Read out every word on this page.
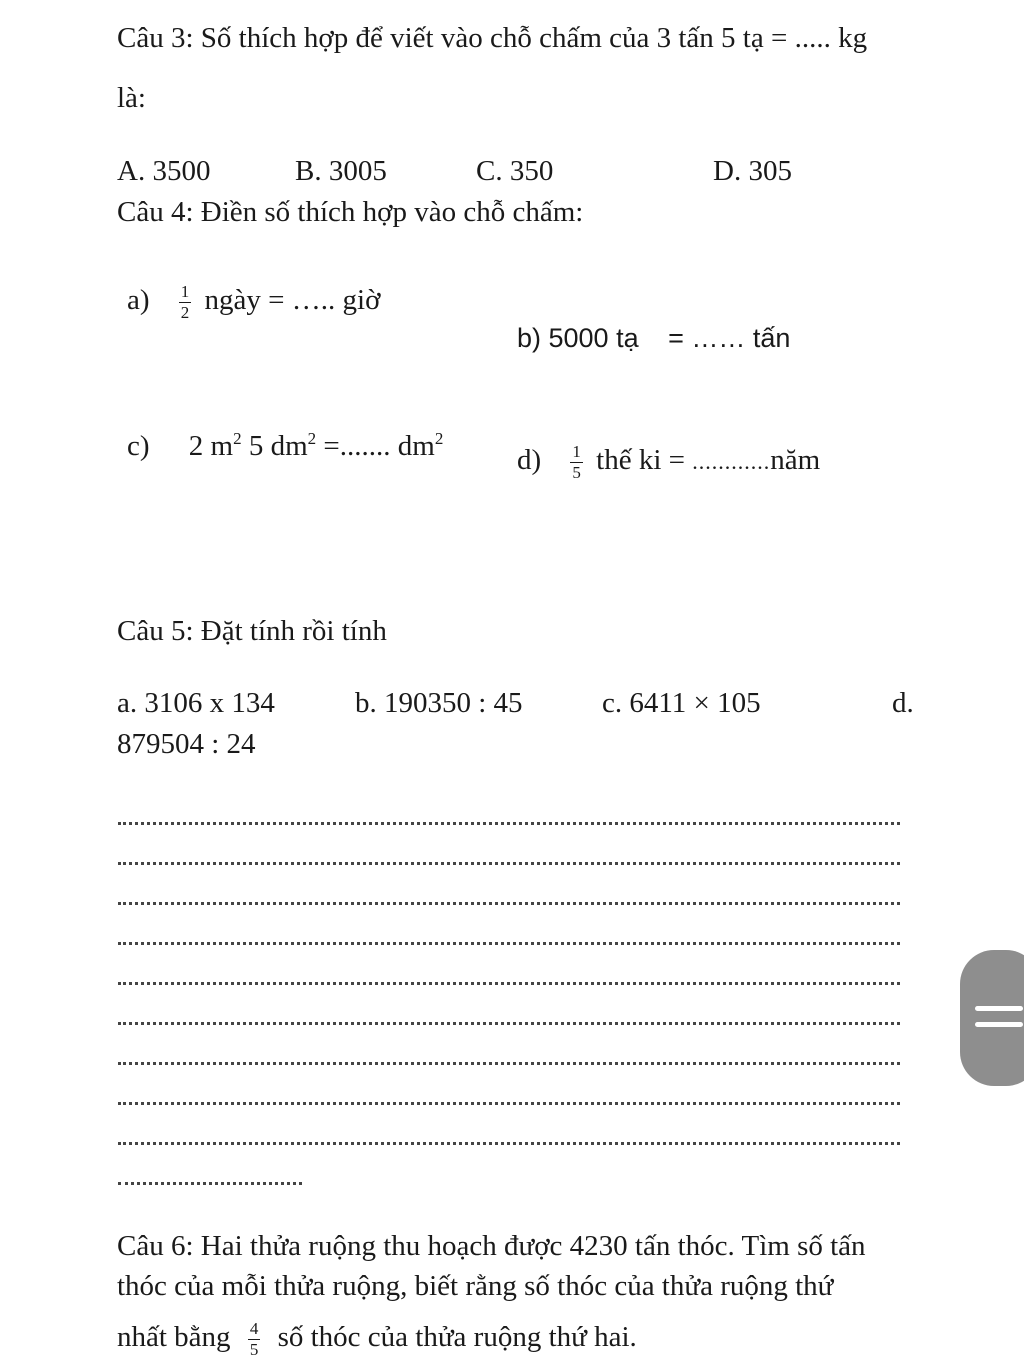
Câu 3: Số thích hợp để viết vào chỗ chấm của 3 tấn 5 tạ = ..... kg
là:
A. 3500	B. 3005	C. 350	D. 305
Câu 4: Điền số thích hợp vào chỗ chấm:
$a) \frac{1}{2}$ ngày = ….. giờ
b) 5000 tạ = …… tấn
c) 2 $m^2$ 5 $dm^2$ =....... $dm^2$
$d) \frac{1}{5}$ thế ki = ............năm
Câu 5: Đặt tính rồi tính
a. 3106 x 134	b. 190350 : 45	c. 6411 × 105	d.
879504 : 24
Câu 6: Hai thửa ruộng thu hoạch được 4230 tấn thóc. Tìm số tấn
thóc của mỗi thửa ruộng, biết rằng số thóc của thửa ruộng thứ
nhất bằng $\frac{4}{5}$ số thóc của thửa ruộng thứ hai.
